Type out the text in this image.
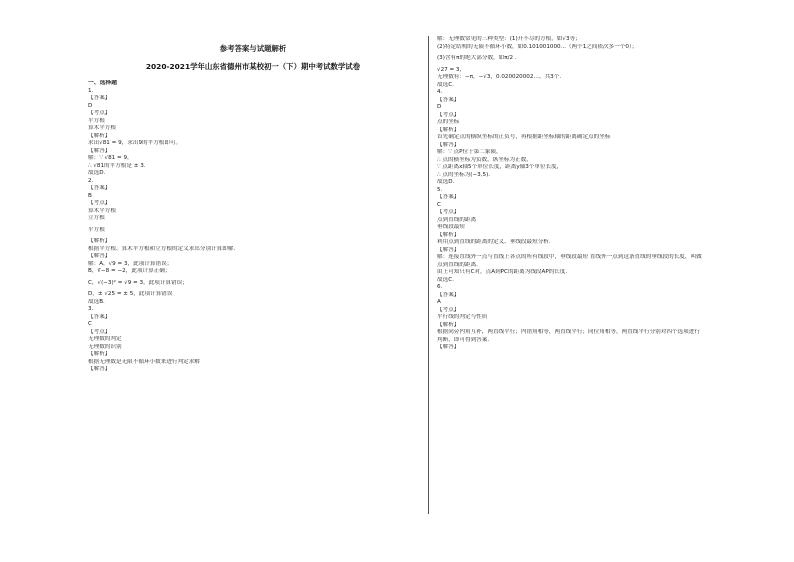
参考答案与试题解析
2020-2021学年山东省德州市某校初一（下）期中考试数学试卷
一、选择题
1.
【答案】
D
【考点】
平方根
算术平方根
【解析】
求出√81 = 9，求出9的平方根即可。
【解答】
解：∵ √81 = 9，
∴ √81的平方根是 ± 3.
故选D.
2.
【答案】
B
【考点】
算术平方根
立方根
平方根
【解析】
根据平方根、算术平方根和立方根的定义求出分别计算即解.
【解答】
解：A，√9 = 3，此项计算错误；
B，∛−8 = −2，此项计算正确；
C，√(−3)² = √9 = 3，此项计算错误；
D，± √25 = ± 5，此项计算错误
故选B.
3.
【答案】
C
【考点】
无理数的判定
无理数的识别
【解析】
根据无理数是无限不循环小数来进行判定求解
【解答】
解：无理数常见的三种类型：(1)开不尽的方根，如√3等；
(2)特定结构的无限不循环小数，如0.101001000...（两个1之间依次多一个0）；
(3)含有π的绝大部分数，如π/2 .
√27 = 3，
无理数有：−π，−√3，0.020020002…，共3个.
故选C.
4.
【答案】
D
【考点】
点的坐标
【解析】
首先确定点的横纵坐标的正负号，再根据距坐标轴的距离确定点的坐标
【解答】
解：∵ 点P位于第二象限，
∴ 点的横坐标为负数，纵坐标为正数，
∵ 点距离x轴5个单位长度，距离y轴3个单位长度，
∴ 点的坐标为(−3,5).
故选D.
5.
【答案】
C
【考点】
点到直线的距离
垂线段最短
【解析】
利用点到直线的距离的定义、垂线段最短分析.
【解答】
解：连接直线外一点与直线上各点的所有线段中，垂线段最短 直线外一点到这条直线的垂线段的长度，叫做
点到直线的距离.
由上可知只有C对，点A到PC的距离为线段AP的长度.
故选C.
6.
【答案】
A
【考点】
平行线的判定与性质
【解析】
根据同旁内角互补，两直线平行；内错角相等，两直线平行；同位角相等，两直线平行分别对四个选项进行
判断，即可得到答案.
【解答】
